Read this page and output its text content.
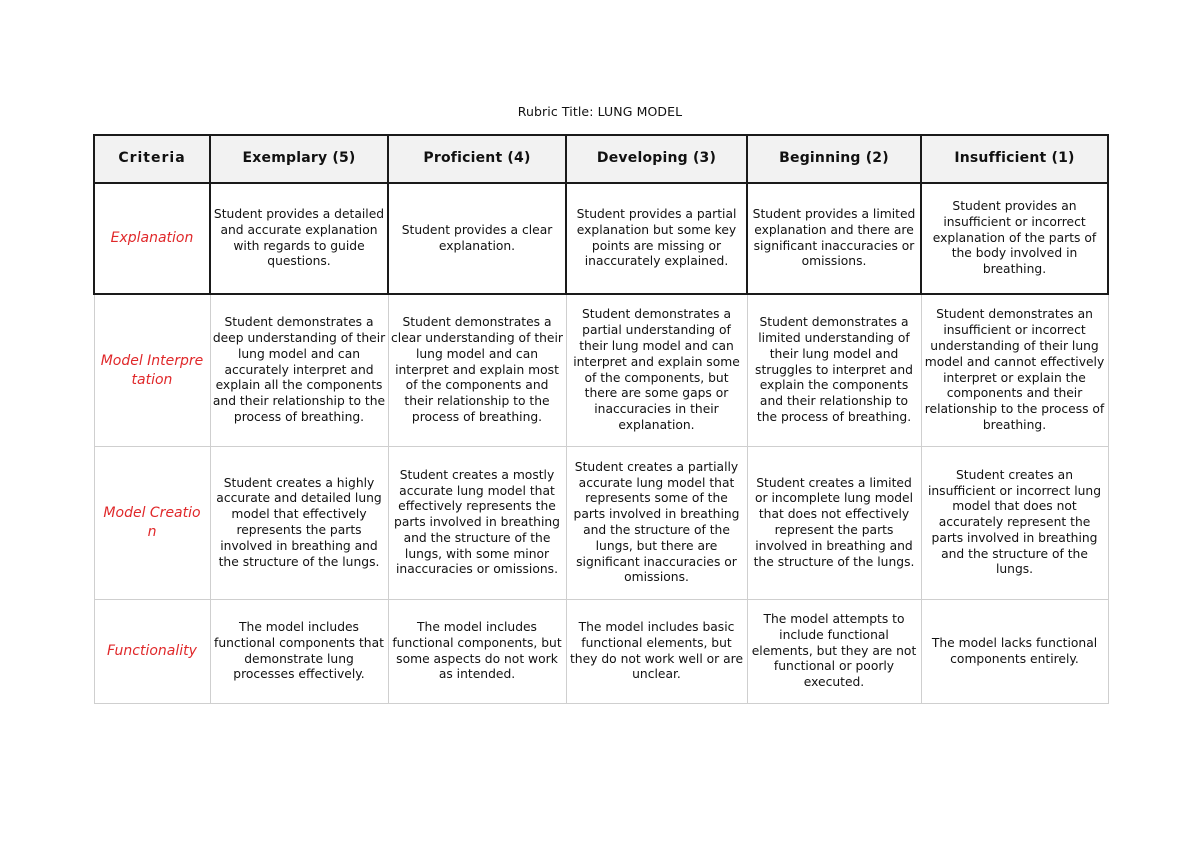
Rubric Title: LUNG MODEL
Criteria	Exemplary (5)	Proficient (4)	Developing (3)	Beginning (2)	Insufficient (1)
Explanation	Student provides a detailed and accurate explanation with regards to guide questions.	Student provides a clear explanation.	Student provides a partial explanation but some key points are missing or inaccurately explained.	Student provides a limited explanation and there are significant inaccuracies or omissions.	Student provides an insufficient or incorrect explanation of the parts of the body involved in breathing.
Model Interpretation	Student demonstrates a deep understanding of their lung model and can accurately interpret and explain all the components and their relationship to the process of breathing.	Student demonstrates a clear understanding of their lung model and can interpret and explain most of the components and their relationship to the process of breathing.	Student demonstrates a partial understanding of their lung model and can interpret and explain some of the components, but there are some gaps or inaccuracies in their explanation.	Student demonstrates a limited understanding of their lung model and struggles to interpret and explain the components and their relationship to the process of breathing.	Student demonstrates an insufficient or incorrect understanding of their lung model and cannot effectively interpret or explain the components and their relationship to the process of breathing.
Model Creation	Student creates a highly accurate and detailed lung model that effectively represents the parts involved in breathing and the structure of the lungs.	Student creates a mostly accurate lung model that effectively represents the parts involved in breathing and the structure of the lungs, with some minor inaccuracies or omissions.	Student creates a partially accurate lung model that represents some of the parts involved in breathing and the structure of the lungs, but there are significant inaccuracies or omissions.	Student creates a limited or incomplete lung model that does not effectively represent the parts involved in breathing and the structure of the lungs.	Student creates an insufficient or incorrect lung model that does not accurately represent the parts involved in breathing and the structure of the lungs.
Functionality	The model includes functional components that demonstrate lung processes effectively.	The model includes functional components, but some aspects do not work as intended.	The model includes basic functional elements, but they do not work well or are unclear.	The model attempts to include functional elements, but they are not functional or poorly executed.	The model lacks functional components entirely.
